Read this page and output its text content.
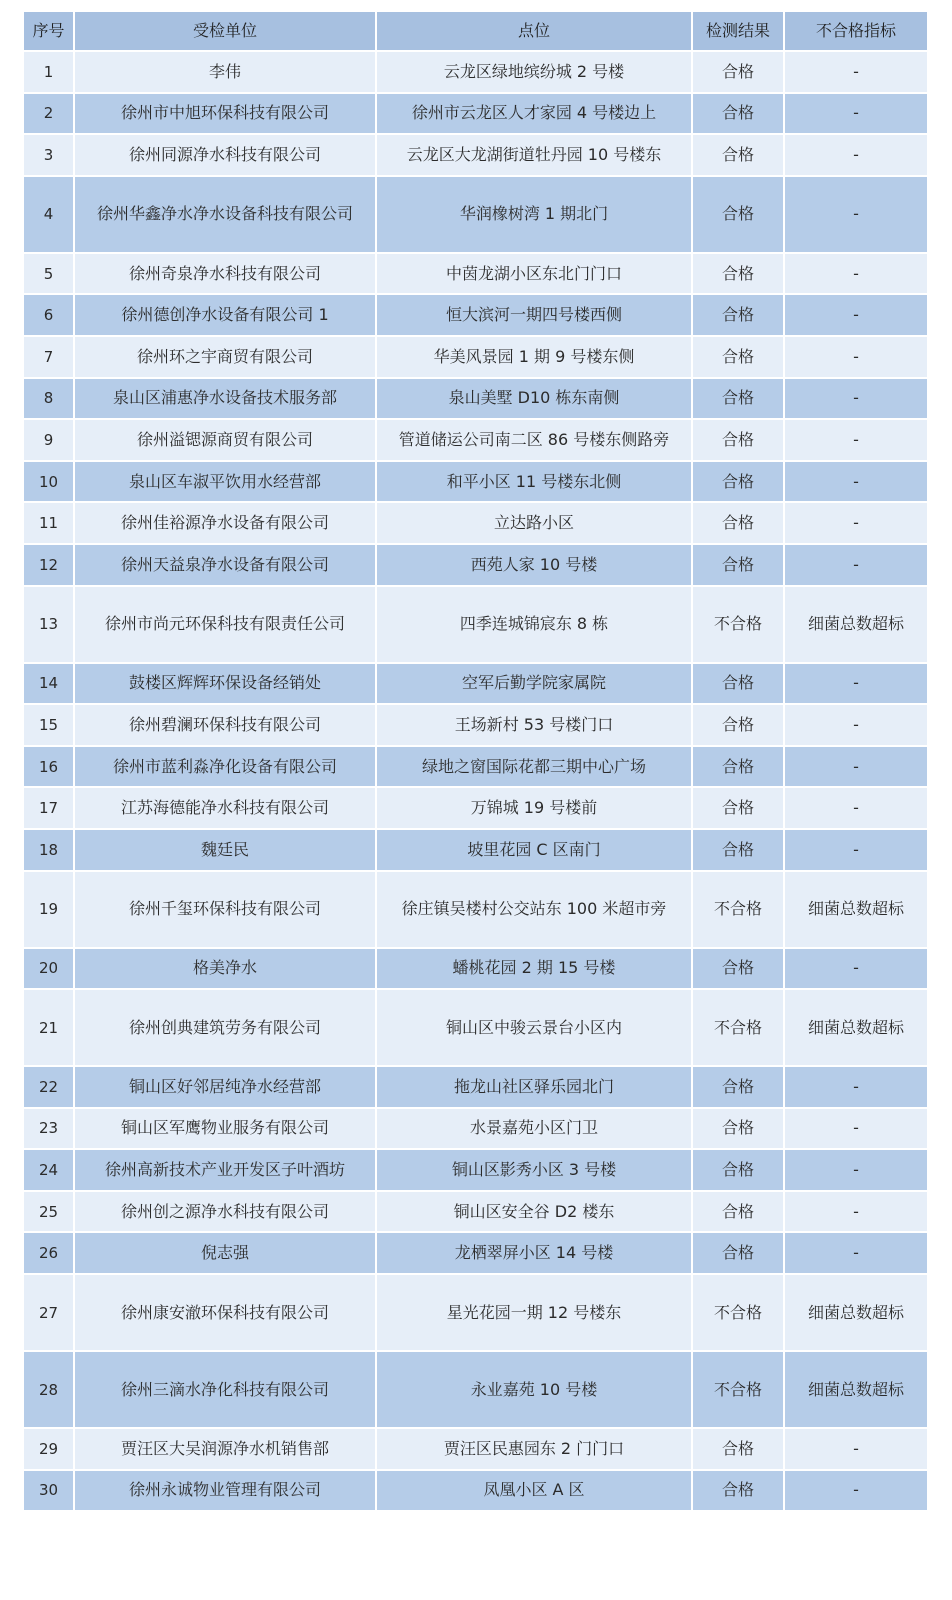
序号	受检单位	点位	检测结果	不合格指标
1	李伟	云龙区绿地缤纷城 2 号楼	合格	-
2	徐州市中旭环保科技有限公司	徐州市云龙区人才家园 4 号楼边上	合格	-
3	徐州同源净水科技有限公司	云龙区大龙湖街道牡丹园 10 号楼东	合格	-
4	徐州华鑫净水净水设备科技有限公司	华润橡树湾 1 期北门	合格	-
5	徐州奇泉净水科技有限公司	中茵龙湖小区东北门门口	合格	-
6	徐州德创净水设备有限公司 1	恒大滨河一期四号楼西侧	合格	-
7	徐州环之宇商贸有限公司	华美风景园 1 期 9 号楼东侧	合格	-
8	泉山区浦惠净水设备技术服务部	泉山美墅 D10 栋东南侧	合格	-
9	徐州溢锶源商贸有限公司	管道储运公司南二区 86 号楼东侧路旁	合格	-
10	泉山区车淑平饮用水经营部	和平小区 11 号楼东北侧	合格	-
11	徐州佳裕源净水设备有限公司	立达路小区	合格	-
12	徐州天益泉净水设备有限公司	西苑人家 10 号楼	合格	-
13	徐州市尚元环保科技有限责任公司	四季连城锦宸东 8 栋	不合格	细菌总数超标
14	鼓楼区辉辉环保设备经销处	空军后勤学院家属院	合格	-
15	徐州碧澜环保科技有限公司	王场新村 53 号楼门口	合格	-
16	徐州市蓝利淼净化设备有限公司	绿地之窗国际花都三期中心广场	合格	-
17	江苏海德能净水科技有限公司	万锦城 19 号楼前	合格	-
18	魏廷民	坡里花园 C 区南门	合格	-
19	徐州千玺环保科技有限公司	徐庄镇吴楼村公交站东 100 米超市旁	不合格	细菌总数超标
20	格美净水	蟠桃花园 2 期 15 号楼	合格	-
21	徐州创典建筑劳务有限公司	铜山区中骏云景台小区内	不合格	细菌总数超标
22	铜山区好邻居纯净水经营部	拖龙山社区驿乐园北门	合格	-
23	铜山区军鹰物业服务有限公司	水景嘉苑小区门卫	合格	-
24	徐州高新技术产业开发区子叶酒坊	铜山区影秀小区 3 号楼	合格	-
25	徐州创之源净水科技有限公司	铜山区安全谷 D2 楼东	合格	-
26	倪志强	龙栖翠屏小区 14 号楼	合格	-
27	徐州康安澈环保科技有限公司	星光花园一期 12 号楼东	不合格	细菌总数超标
28	徐州三滴水净化科技有限公司	永业嘉苑 10 号楼	不合格	细菌总数超标
29	贾汪区大吴润源净水机销售部	贾汪区民惠园东 2 门门口	合格	-
30	徐州永诚物业管理有限公司	凤凰小区 A 区	合格	-
